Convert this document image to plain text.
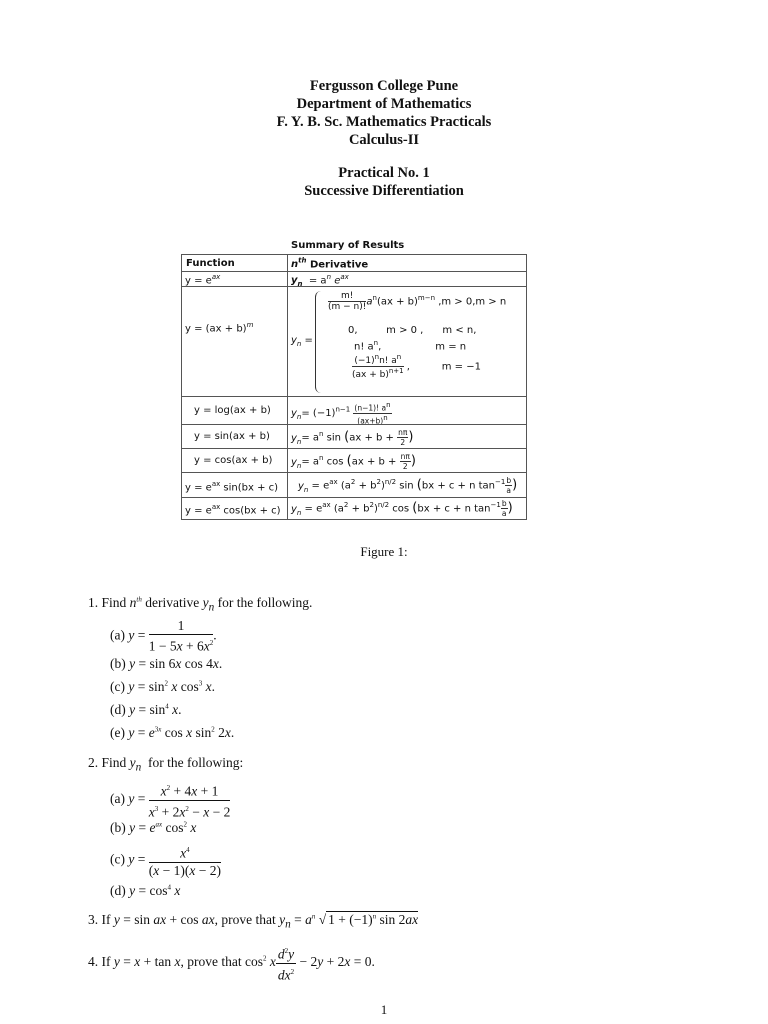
Fergusson College Pune
Department of Mathematics
F. Y. B. Sc. Mathematics Practicals
Calculus-II
Practical No. 1
Successive Differentiation
Summary of Results
Function	$n^{th}$ Derivative
$y = e^{ax}$	$y_n = a^n$ $e^{ax}$
y = (ax + b)$^m$
$y_n$ =
$\frac{m!}{(m - n)!} a^n(ax + b)^{m-n}$ ,m > 0,m > n
0,         m > 0 ,      m < n,
n! $a^n$,                 m = n
$\frac{(-1)^nn! a^n}{(ax + b)^{n+1}}$ ,          m = −1
y = log(ax + b) $y_n= (-1)^{n-1} \frac{(n-1)! a^n}{(ax+b)^n}$
y = sin(ax + b) $y_n= a^n$ $\sin (ax + b + \frac{n\pi}{2}$ )
y = cos(ax + b) $y_n= a^n$ $\cos (ax + b + \frac{n\pi}{2}$ )
$y = e^{ax}$ sin(bx + c) $y_n = e^{ax}$ $(a^2 + b^2)^{n/2}$ sin (bx + c + n $\tan^{-1} \frac{b}{a}$ )
$y = e^{ax}$ cos(bx + c) $y_n = e^{ax}$ $(a^2 + b^2)^{n/2}$ cos (bx + c + n $\tan^{-1} \frac{b}{a}$ )
Figure 1:
1. Find $n^{th}$ derivative $y_n$ for the following.
(a) $y = \frac{1}{1 - 5x + 6x^2}$ .
(b) y = sin 6x cos 4x.
(c) $y = \sin^2 x$ $\cos^3 x$.
(d) $y = \sin^4 x$.
(e) $y = e^{3x}$ cos x $\sin^2 2x$.
2. Find $y_n$ for the following:
(a) $y = \frac{x^2 + 4x + 1}{x^3 + 2x^2 - x - 2}$
(b) $y = e^{ax}$ $\cos^2 x$
(c) $y = \frac{x^4}{(x - 1)(x - 2)}$
(d) $y = \cos^4 x$
3. If y = sin ax + cos ax, prove that $y_n = a^n$ √ $1 + (-1)^n$ sin 2ax
4. If y = x + tan x, prove that $\cos^2 x \frac{d^2y}{dx^2} - 2y + 2x = 0$.
1
